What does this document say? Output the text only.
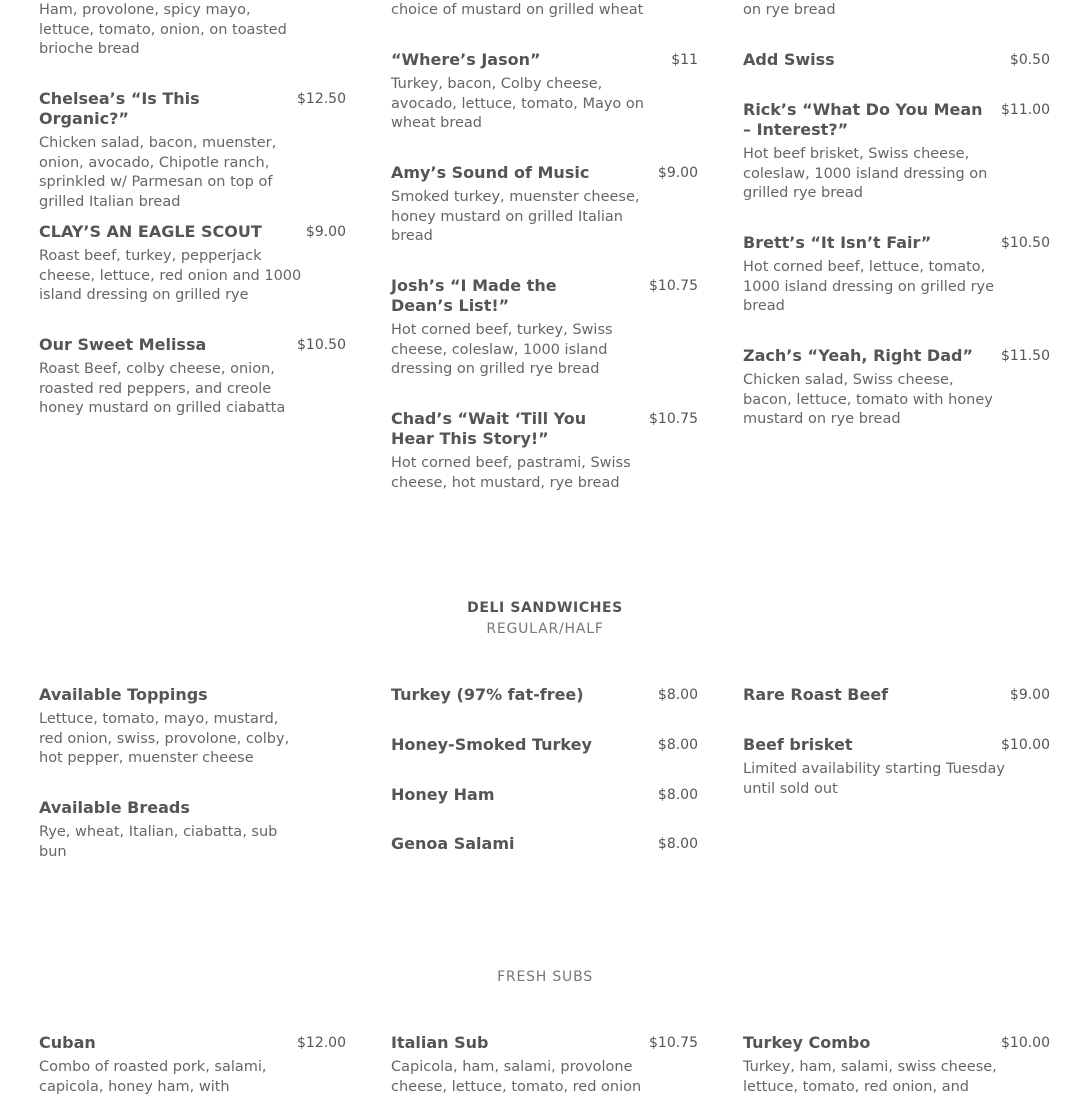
Ham, provolone, spicy mayo, lettuce, tomato, onion, on toasted brioche bread
Chelsea’s “Is This Organic?”
$12.50
Chicken salad, bacon, muenster, onion, avocado, Chipotle ranch, sprinkled w/ Parmesan on top of grilled Italian bread
CLAY’S AN EAGLE SCOUT	$9.00
Roast beef, turkey, pepperjack cheese, lettuce, red onion and 1000 island dressing on grilled rye
Our Sweet Melissa	$10.50
Roast Beef, colby cheese, onion, roasted red peppers, and creole honey mustard on grilled ciabatta
choice of mustard on grilled wheat
“Where’s Jason”	$11
Turkey, bacon, Colby cheese, avocado, lettuce, tomato, Mayo on wheat bread
Amy’s Sound of Music	$9.00
Smoked turkey, muenster cheese, honey mustard on grilled Italian bread
Josh’s “I Made the Dean’s List!”
$10.75
Hot corned beef, turkey, Swiss cheese, coleslaw, 1000 island dressing on grilled rye bread
Chad’s “Wait ‘Till You Hear This Story!”
$10.75
Hot corned beef, pastrami, Swiss cheese, hot mustard, rye bread
on rye bread
Add Swiss	$0.50
Rick’s “What Do You Mean – Interest?”
$11.00
Hot beef brisket, Swiss cheese, coleslaw, 1000 island dressing on grilled rye bread
Brett’s “It Isn’t Fair”	$10.50
Hot corned beef, lettuce, tomato, 1000 island dressing on grilled rye bread
Zach’s “Yeah, Right Dad” $11.50
Chicken salad, Swiss cheese, bacon, lettuce, tomato with honey mustard on rye bread
DELI SANDWICHES
REGULAR/HALF
Available Toppings
Lettuce, tomato, mayo, mustard, red onion, swiss, provolone, colby, hot pepper, muenster cheese
Available Breads
Rye, wheat, Italian, ciabatta, sub bun
Turkey (97% fat-free)	$8.00
Honey-Smoked Turkey	$8.00
Honey Ham	$8.00
Genoa Salami	$8.00
Rare Roast Beef	$9.00
Beef brisket	$10.00
Limited availability starting Tuesday until sold out
FRESH SUBS
Cuban	$12.00
Combo of roasted pork, salami, capicola, honey ham, with
Italian Sub	$10.75
Capicola, ham, salami, provolone cheese, lettuce, tomato, red onion
Turkey Combo	$10.00
Turkey, ham, salami, swiss cheese, lettuce, tomato, red onion, and
